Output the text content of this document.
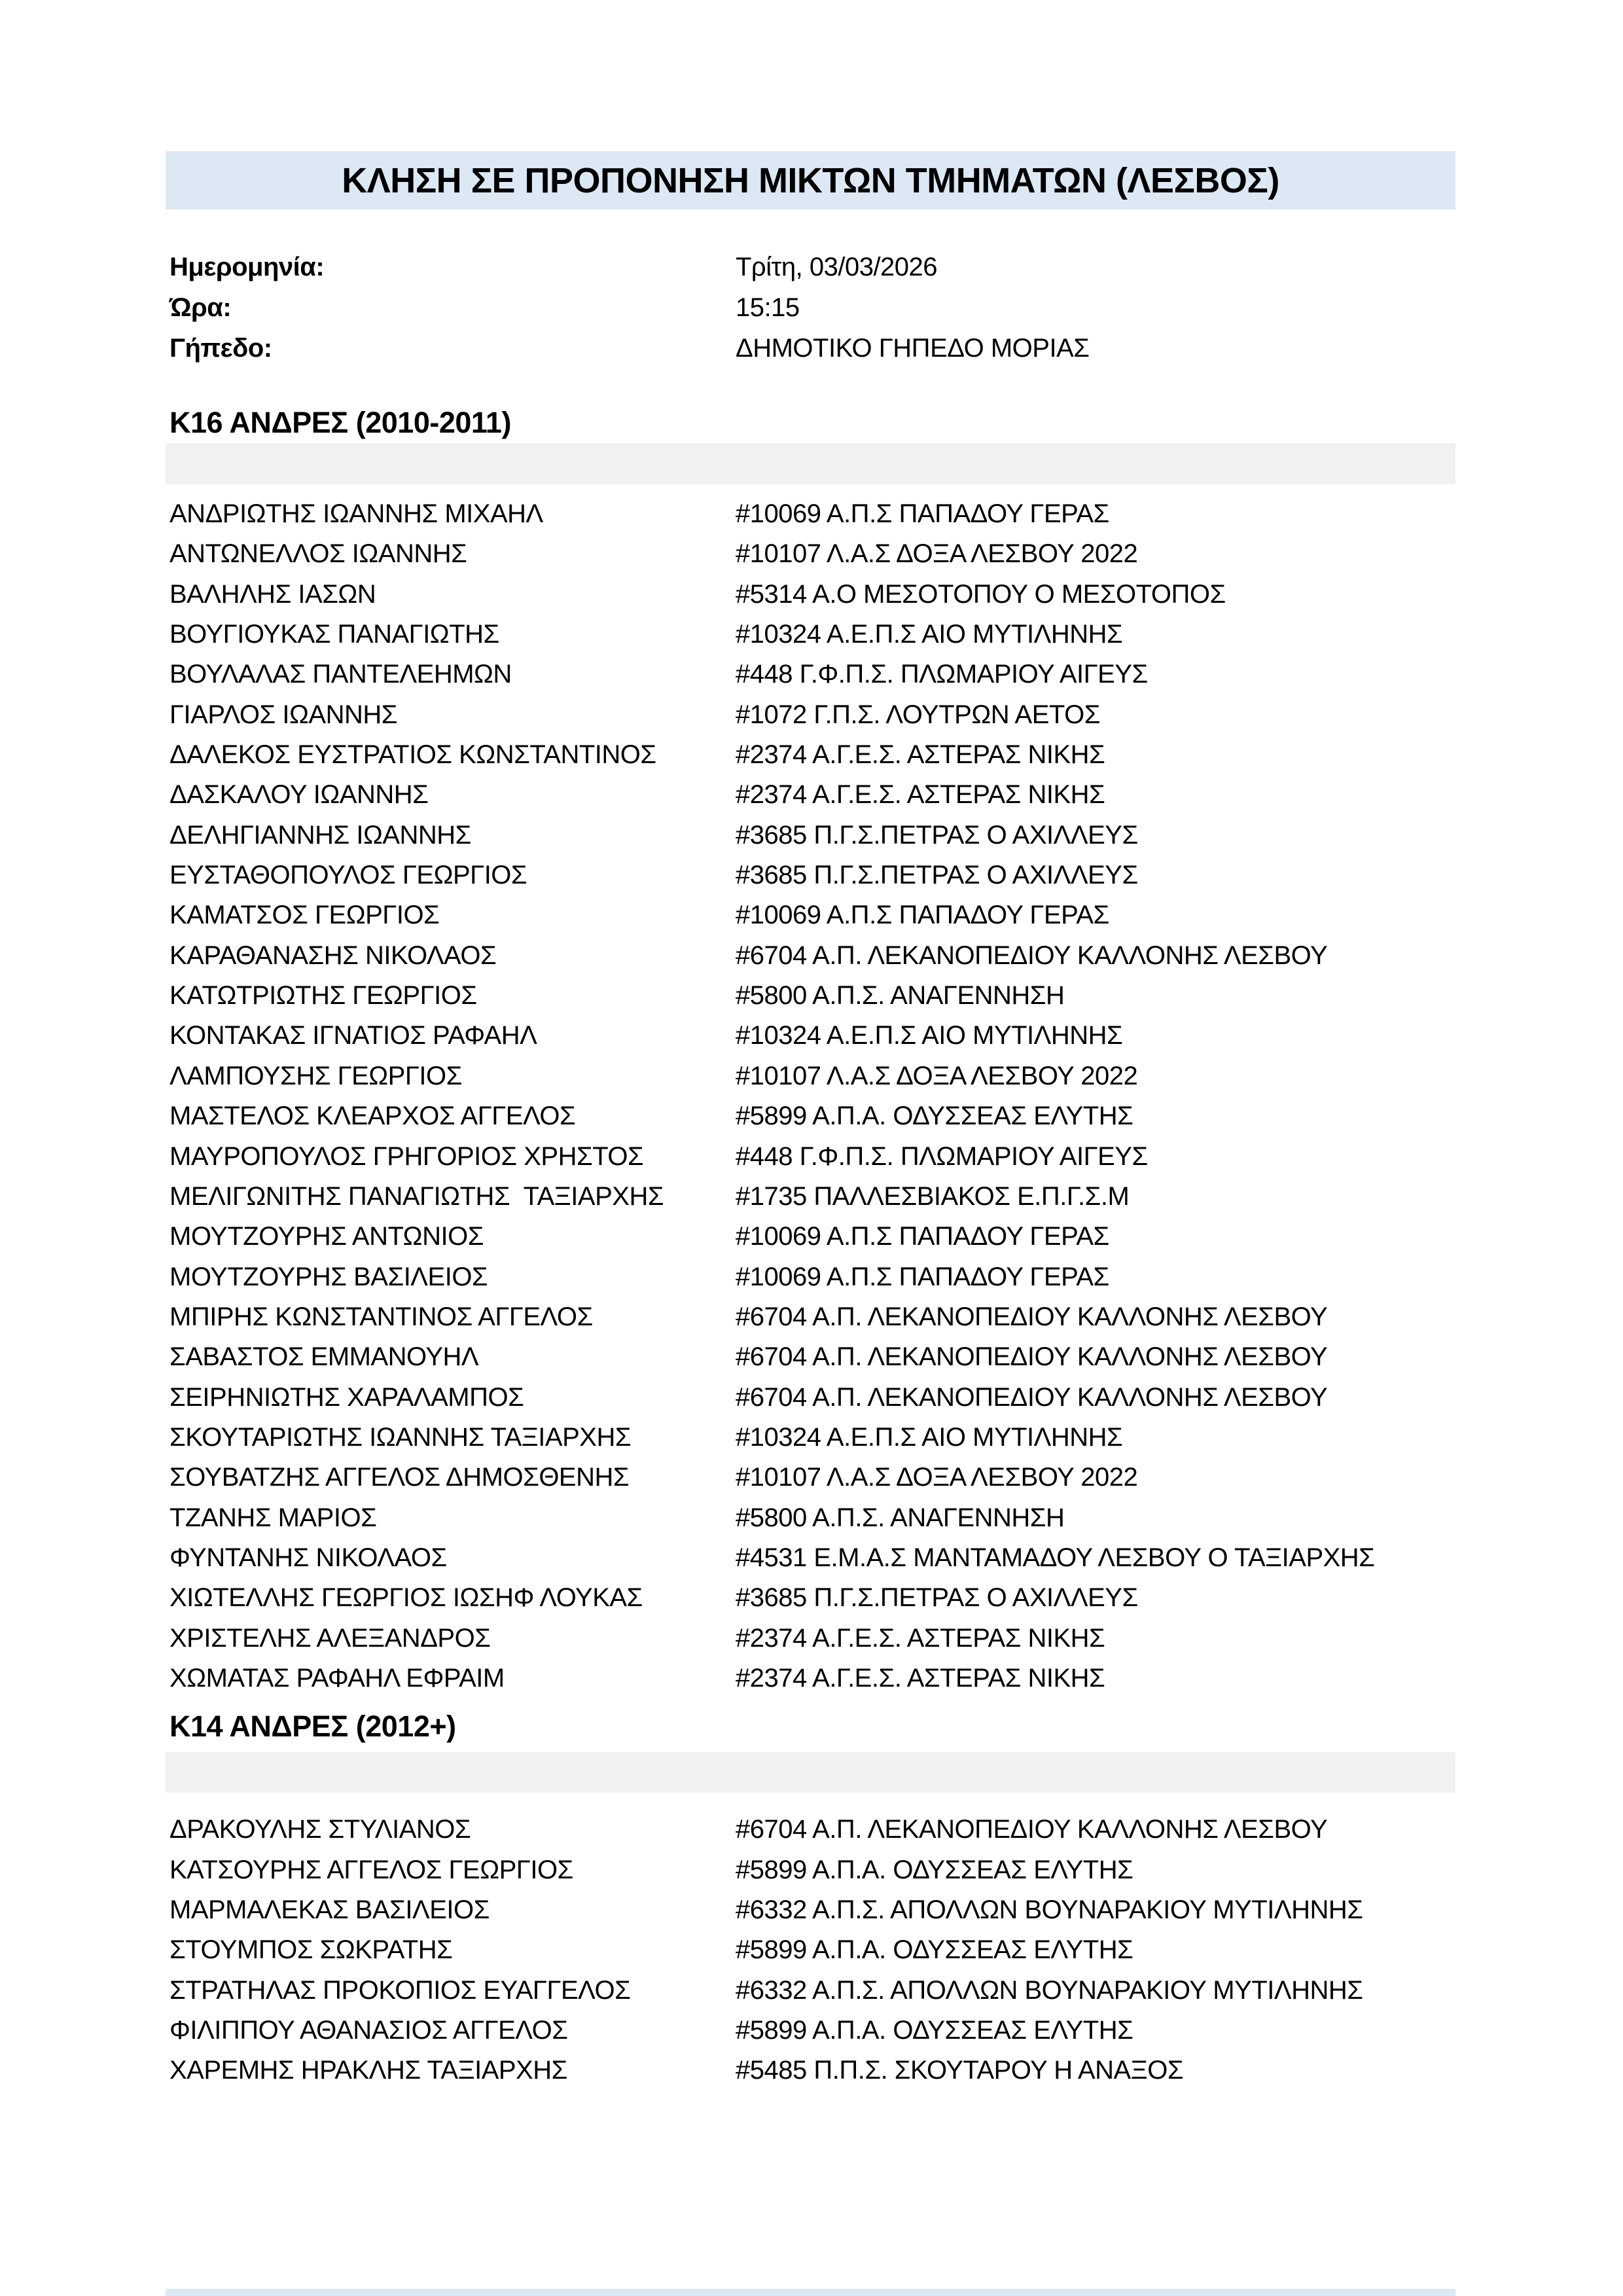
ΚΛΗΣΗ ΣΕ ΠΡΟΠΟΝΗΣΗ ΜΙΚΤΩΝ ΤΜΗΜΑΤΩΝ (ΛΕΣΒΟΣ)
Ημερομηνία:	Τρίτη, 03/03/2026
Ώρα:	15:15
Γήπεδο:	ΔΗΜΟΤΙΚΟ ΓΗΠΕΔΟ ΜΟΡΙΑΣ
Κ16 ΑΝΔΡΕΣ (2010-2011)
ΑΝΔΡΙΩΤΗΣ ΙΩΑΝΝΗΣ ΜΙΧΑΗΛ	#10069 Α.Π.Σ ΠΑΠΑΔΟΥ ΓΕΡΑΣ
ΑΝΤΩΝΕΛΛΟΣ ΙΩΑΝΝΗΣ	#10107 Λ.Α.Σ ΔΟΞΑ ΛΕΣΒΟΥ 2022
ΒΑΛΗΛΗΣ ΙΑΣΩΝ	#5314 Α.Ο ΜΕΣΟΤΟΠΟΥ Ο ΜΕΣΟΤΟΠΟΣ
ΒΟΥΓΙΟΥΚΑΣ ΠΑΝΑΓΙΩΤΗΣ	#10324 Α.Ε.Π.Σ ΑΙΟ ΜΥΤΙΛΗΝΗΣ
ΒΟΥΛΑΛΑΣ ΠΑΝΤΕΛΕΗΜΩΝ	#448 Γ.Φ.Π.Σ. ΠΛΩΜΑΡΙΟΥ ΑΙΓΕΥΣ
ΓΙΑΡΛΟΣ ΙΩΑΝΝΗΣ	#1072 Γ.Π.Σ. ΛΟΥΤΡΩΝ ΑΕΤΟΣ
ΔΑΛΕΚΟΣ ΕΥΣΤΡΑΤΙΟΣ ΚΩΝΣΤΑΝΤΙΝΟΣ	#2374 Α.Γ.Ε.Σ. ΑΣΤΕΡΑΣ ΝΙΚΗΣ
ΔΑΣΚΑΛΟΥ ΙΩΑΝΝΗΣ	#2374 Α.Γ.Ε.Σ. ΑΣΤΕΡΑΣ ΝΙΚΗΣ
ΔΕΛΗΓΙΑΝΝΗΣ ΙΩΑΝΝΗΣ	#3685 Π.Γ.Σ.ΠΕΤΡΑΣ Ο ΑΧΙΛΛΕΥΣ
ΕΥΣΤΑΘΟΠΟΥΛΟΣ ΓΕΩΡΓΙΟΣ	#3685 Π.Γ.Σ.ΠΕΤΡΑΣ Ο ΑΧΙΛΛΕΥΣ
ΚΑΜΑΤΣΟΣ ΓΕΩΡΓΙΟΣ	#10069 Α.Π.Σ ΠΑΠΑΔΟΥ ΓΕΡΑΣ
ΚΑΡΑΘΑΝΑΣΗΣ ΝΙΚΟΛΑΟΣ	#6704 Α.Π. ΛΕΚΑΝΟΠΕΔΙΟΥ ΚΑΛΛΟΝΗΣ ΛΕΣΒΟΥ
ΚΑΤΩΤΡΙΩΤΗΣ ΓΕΩΡΓΙΟΣ	#5800 Α.Π.Σ. ΑΝΑΓΕΝΝΗΣΗ
ΚΟΝΤΑΚΑΣ ΙΓΝΑΤΙΟΣ ΡΑΦΑΗΛ	#10324 Α.Ε.Π.Σ ΑΙΟ ΜΥΤΙΛΗΝΗΣ
ΛΑΜΠΟΥΣΗΣ ΓΕΩΡΓΙΟΣ	#10107 Λ.Α.Σ ΔΟΞΑ ΛΕΣΒΟΥ 2022
ΜΑΣΤΕΛΟΣ ΚΛΕΑΡΧΟΣ ΑΓΓΕΛΟΣ	#5899 Α.Π.Α. ΟΔΥΣΣΕΑΣ ΕΛΥΤΗΣ
ΜΑΥΡΟΠΟΥΛΟΣ ΓΡΗΓΟΡΙΟΣ ΧΡΗΣΤΟΣ	#448 Γ.Φ.Π.Σ. ΠΛΩΜΑΡΙΟΥ ΑΙΓΕΥΣ
ΜΕΛΙΓΩΝΙΤΗΣ ΠΑΝΑΓΙΩΤΗΣ  ΤΑΞΙΑΡΧΗΣ	#1735 ΠΑΛΛΕΣΒΙΑΚΟΣ Ε.Π.Γ.Σ.Μ
ΜΟΥΤΖΟΥΡΗΣ ΑΝΤΩΝΙΟΣ	#10069 Α.Π.Σ ΠΑΠΑΔΟΥ ΓΕΡΑΣ
ΜΟΥΤΖΟΥΡΗΣ ΒΑΣΙΛΕΙΟΣ	#10069 Α.Π.Σ ΠΑΠΑΔΟΥ ΓΕΡΑΣ
ΜΠΙΡΗΣ ΚΩΝΣΤΑΝΤΙΝΟΣ ΑΓΓΕΛΟΣ	#6704 Α.Π. ΛΕΚΑΝΟΠΕΔΙΟΥ ΚΑΛΛΟΝΗΣ ΛΕΣΒΟΥ
ΣΑΒΑΣΤΟΣ ΕΜΜΑΝΟΥΗΛ	#6704 Α.Π. ΛΕΚΑΝΟΠΕΔΙΟΥ ΚΑΛΛΟΝΗΣ ΛΕΣΒΟΥ
ΣΕΙΡΗΝΙΩΤΗΣ ΧΑΡΑΛΑΜΠΟΣ	#6704 Α.Π. ΛΕΚΑΝΟΠΕΔΙΟΥ ΚΑΛΛΟΝΗΣ ΛΕΣΒΟΥ
ΣΚΟΥΤΑΡΙΩΤΗΣ ΙΩΑΝΝΗΣ ΤΑΞΙΑΡΧΗΣ	#10324 Α.Ε.Π.Σ ΑΙΟ ΜΥΤΙΛΗΝΗΣ
ΣΟΥΒΑΤΖΗΣ ΑΓΓΕΛΟΣ ΔΗΜΟΣΘΕΝΗΣ	#10107 Λ.Α.Σ ΔΟΞΑ ΛΕΣΒΟΥ 2022
ΤΖΑΝΗΣ ΜΑΡΙΟΣ	#5800 Α.Π.Σ. ΑΝΑΓΕΝΝΗΣΗ
ΦΥΝΤΑΝΗΣ ΝΙΚΟΛΑΟΣ	#4531 Ε.Μ.Α.Σ ΜΑΝΤΑΜΑΔΟΥ ΛΕΣΒΟΥ Ο ΤΑΞΙΑΡΧΗΣ
ΧΙΩΤΕΛΛΗΣ ΓΕΩΡΓΙΟΣ ΙΩΣΗΦ ΛΟΥΚΑΣ	#3685 Π.Γ.Σ.ΠΕΤΡΑΣ Ο ΑΧΙΛΛΕΥΣ
ΧΡΙΣΤΕΛΗΣ ΑΛΕΞΑΝΔΡΟΣ	#2374 Α.Γ.Ε.Σ. ΑΣΤΕΡΑΣ ΝΙΚΗΣ
ΧΩΜΑΤΑΣ ΡΑΦΑΗΛ ΕΦΡΑΙΜ	#2374 Α.Γ.Ε.Σ. ΑΣΤΕΡΑΣ ΝΙΚΗΣ
Κ14 ΑΝΔΡΕΣ (2012+)
ΔΡΑΚΟΥΛΗΣ ΣΤΥΛΙΑΝΟΣ	#6704 Α.Π. ΛΕΚΑΝΟΠΕΔΙΟΥ ΚΑΛΛΟΝΗΣ ΛΕΣΒΟΥ
ΚΑΤΣΟΥΡΗΣ ΑΓΓΕΛΟΣ ΓΕΩΡΓΙΟΣ	#5899 Α.Π.Α. ΟΔΥΣΣΕΑΣ ΕΛΥΤΗΣ
ΜΑΡΜΑΛΕΚΑΣ ΒΑΣΙΛΕΙΟΣ	#6332 Α.Π.Σ. ΑΠΟΛΛΩΝ ΒΟΥΝΑΡΑΚΙΟΥ ΜΥΤΙΛΗΝΗΣ
ΣΤΟΥΜΠΟΣ ΣΩΚΡΑΤΗΣ	#5899 Α.Π.Α. ΟΔΥΣΣΕΑΣ ΕΛΥΤΗΣ
ΣΤΡΑΤΗΛΑΣ ΠΡΟΚΟΠΙΟΣ ΕΥΑΓΓΕΛΟΣ	#6332 Α.Π.Σ. ΑΠΟΛΛΩΝ ΒΟΥΝΑΡΑΚΙΟΥ ΜΥΤΙΛΗΝΗΣ
ΦΙΛΙΠΠΟΥ ΑΘΑΝΑΣΙΟΣ ΑΓΓΕΛΟΣ	#5899 Α.Π.Α. ΟΔΥΣΣΕΑΣ ΕΛΥΤΗΣ
ΧΑΡΕΜΗΣ ΗΡΑΚΛΗΣ ΤΑΞΙΑΡΧΗΣ	#5485 Π.Π.Σ. ΣΚΟΥΤΑΡΟΥ Η ΑΝΑΞΟΣ
